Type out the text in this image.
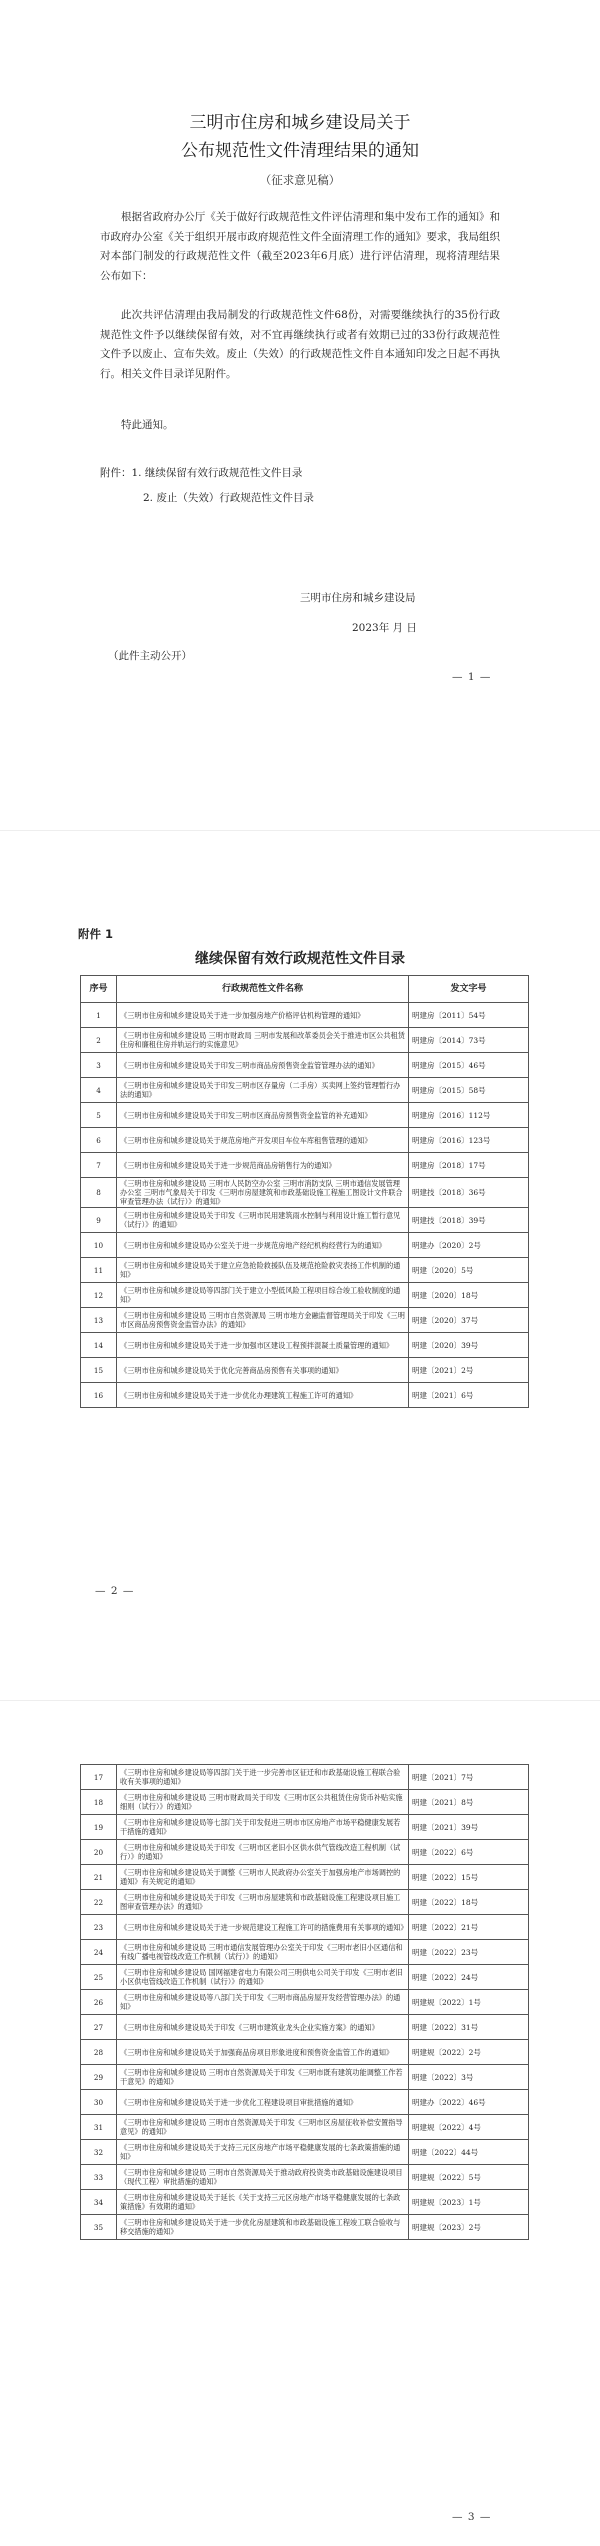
三明市住房和城乡建设局关于
公布规范性文件清理结果的通知
（征求意见稿）

根据省政府办公厅《关于做好行政规范性文件评估清理和集中发布工作的通知》和市政府办公室《关于组织开展市政府规范性文件全面清理工作的通知》要求，我局组织对本部门制发的行政规范性文件（截至2023年6月底）进行评估清理，现将清理结果公布如下：

此次共评估清理由我局制发的行政规范性文件68份，对需要继续执行的35份行政规范性文件予以继续保留有效，对不宜再继续执行或者有效期已过的33份行政规范性文件予以废止、宣布失效。废止（失效）的行政规范性文件自本通知印发之日起不再执行。相关文件目录详见附件。

特此通知。

附件：1. 继续保留有效行政规范性文件目录
2. 废止（失效）行政规范性文件目录
三明市住房和城乡建设局
2023年 月 日
（此件主动公开）
— 1 —
附件 1
继续保留有效行政规范性文件目录
序号	行政规范性文件名称	发文字号
1	《三明市住房和城乡建设局关于进一步加强房地产价格评估机构管理的通知》	明建房〔2011〕54号
2	《三明市住房和城乡建设局 三明市财政局 三明市发展和改革委员会关于推进市区公共租赁住房和廉租住房并轨运行的实施意见》	明建房〔2014〕73号
3	《三明市住房和城乡建设局关于印发三明市商品房预售资金监管管理办法的通知》	明建房〔2015〕46号
4	《三明市住房和城乡建设局关于印发三明市区存量房（二手房）买卖网上签约管理暂行办法的通知》	明建房〔2015〕58号
5	《三明市住房和城乡建设局关于印发三明市区商品房预售资金监管的补充通知》	明建房〔2016〕112号
6	《三明市住房和城乡建设局关于规范房地产开发项目车位车库租售管理的通知》	明建房〔2016〕123号
7	《三明市住房和城乡建设局关于进一步规范商品房销售行为的通知》	明建房〔2018〕17号
8	《三明市住房和城乡建设局 三明市人民防空办公室 三明市消防支队 三明市通信发展管理办公室 三明市气象局关于印发《三明市房屋建筑和市政基础设施工程施工图设计文件联合审查管理办法（试行）》的通知》	明建技〔2018〕36号
9	《三明市住房和城乡建设局关于印发《三明市民用建筑雨水控制与利用设计施工暂行意见（试行）》的通知》	明建技〔2018〕39号
10	《三明市住房和城乡建设局办公室关于进一步规范房地产经纪机构经营行为的通知》	明建办〔2020〕2号
11	《三明市住房和城乡建设局关于建立应急抢险救援队伍及规范抢险救灾表扬工作机制的通知》	明建〔2020〕5号
12	《三明市住房和城乡建设局等四部门关于建立小型低风险工程项目综合竣工验收制度的通知》	明建〔2020〕18号
13	《三明市住房和城乡建设局 三明市自然资源局 三明市地方金融监督管理局关于印发《三明市区商品房预售资金监管办法》的通知》	明建〔2020〕37号
14	《三明市住房和城乡建设局关于进一步加强市区建设工程预拌混凝土质量管理的通知》	明建〔2020〕39号
15	《三明市住房和城乡建设局关于优化完善商品房预售有关事项的通知》	明建〔2021〕2号
16	《三明市住房和城乡建设局关于进一步优化办理建筑工程施工许可的通知》	明建〔2021〕6号
— 2 —
17	《三明市住房和城乡建设局等四部门关于进一步完善市区征迁和市政基础设施工程联合验收有关事项的通知》	明建〔2021〕7号
18	《三明市住房和城乡建设局 三明市财政局关于印发《三明市区公共租赁住房货币补贴实施细则（试行）》的通知》	明建〔2021〕8号
19	《三明市住房和城乡建设局等七部门关于印发促进三明市市区房地产市场平稳健康发展若干措施的通知》	明建〔2021〕39号
20	《三明市住房和城乡建设局关于印发《三明市区老旧小区供水供气管线改造工程机制（试行）》的通知》	明建〔2022〕6号
21	《三明市住房和城乡建设局关于调整《三明市人民政府办公室关于加强房地产市场调控的通知》有关规定的通知》	明建〔2022〕15号
22	《三明市住房和城乡建设局关于印发《三明市房屋建筑和市政基础设施工程建设项目施工图审查管理办法》的通知》	明建〔2022〕18号
23	《三明市住房和城乡建设局关于进一步规范建设工程施工许可的措施费用有关事项的通知》	明建〔2022〕21号
24	《三明市住房和城乡建设局 三明市通信发展管理办公室关于印发《三明市老旧小区通信和有线广播电视管线改造工作机制（试行）》的通知》	明建〔2022〕23号
25	《三明市住房和城乡建设局 国网福建省电力有限公司三明供电公司关于印发《三明市老旧小区供电管线改造工作机制（试行）》的通知》	明建〔2022〕24号
26	《三明市住房和城乡建设局等八部门关于印发《三明市商品房屋开发经营管理办法》的通知》	明建规〔2022〕1号
27	《三明市住房和城乡建设局关于印发《三明市建筑业龙头企业实施方案》的通知》	明建〔2022〕31号
28	《三明市住房和城乡建设局关于加强商品房项目形象进度和预售资金监管工作的通知》	明建规〔2022〕2号
29	《三明市住房和城乡建设局 三明市自然资源局关于印发《三明市既有建筑功能调整工作若干意见》的通知》	明建〔2022〕3号
30	《三明市住房和城乡建设局关于进一步优化工程建设项目审批措施的通知》	明建办〔2022〕46号
31	《三明市住房和城乡建设局 三明市自然资源局关于印发《三明市区房屋征收补偿安置指导意见》的通知》	明建规〔2022〕4号
32	《三明市住房和城乡建设局关于支持三元区房地产市场平稳健康发展的七条政策措施的通知》	明建〔2022〕44号
33	《三明市住房和城乡建设局 三明市自然资源局关于推动政府投资类市政基础设施建设项目（现代工程）审批措施的通知》	明建规〔2022〕5号
34	《三明市住房和城乡建设局关于延长《关于支持三元区房地产市场平稳健康发展的七条政策措施》有效期的通知》	明建规〔2023〕1号
35	《三明市住房和城乡建设局关于进一步优化房屋建筑和市政基础设施工程竣工联合验收与移交措施的通知》	明建规〔2023〕2号
— 3 —
